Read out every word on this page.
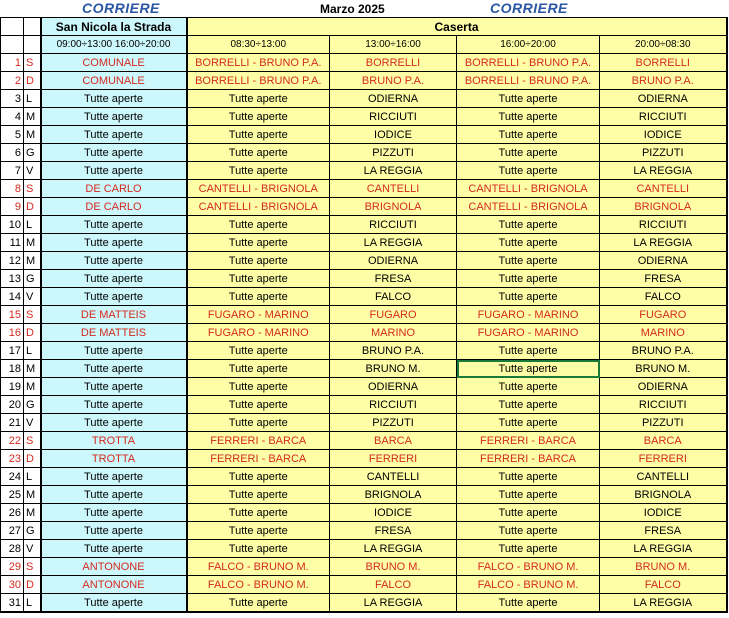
CORRIERE	Marzo 2025	CORRIERE
		San Nicola la Strada	Caserta			
		09:00÷13:00 16:00÷20:00	08:30÷13:00	13:00÷16:00	16:00÷20:00	20:00÷08:30
1	S	COMUNALE	BORRELLI - BRUNO P.A.	BORRELLI	BORRELLI - BRUNO P.A.	BORRELLI
2	D	COMUNALE	BORRELLI - BRUNO P.A.	BRUNO P.A.	BORRELLI - BRUNO P.A.	BRUNO P.A.
3	L	Tutte aperte	Tutte aperte	ODIERNA	Tutte aperte	ODIERNA
4	M	Tutte aperte	Tutte aperte	RICCIUTI	Tutte aperte	RICCIUTI
5	M	Tutte aperte	Tutte aperte	IODICE	Tutte aperte	IODICE
6	G	Tutte aperte	Tutte aperte	PIZZUTI	Tutte aperte	PIZZUTI
7	V	Tutte aperte	Tutte aperte	LA REGGIA	Tutte aperte	LA REGGIA
8	S	DE CARLO	CANTELLI - BRIGNOLA	CANTELLI	CANTELLI - BRIGNOLA	CANTELLI
9	D	DE CARLO	CANTELLI - BRIGNOLA	BRIGNOLA	CANTELLI - BRIGNOLA	BRIGNOLA
10	L	Tutte aperte	Tutte aperte	RICCIUTI	Tutte aperte	RICCIUTI
11	M	Tutte aperte	Tutte aperte	LA REGGIA	Tutte aperte	LA REGGIA
12	M	Tutte aperte	Tutte aperte	ODIERNA	Tutte aperte	ODIERNA
13	G	Tutte aperte	Tutte aperte	FRESA	Tutte aperte	FRESA
14	V	Tutte aperte	Tutte aperte	FALCO	Tutte aperte	FALCO
15	S	DE MATTEIS	FUGARO - MARINO	FUGARO	FUGARO - MARINO	FUGARO
16	D	DE MATTEIS	FUGARO - MARINO	MARINO	FUGARO - MARINO	MARINO
17	L	Tutte aperte	Tutte aperte	BRUNO P.A.	Tutte aperte	BRUNO P.A.
18	M	Tutte aperte	Tutte aperte	BRUNO M.	Tutte aperte	BRUNO M.
19	M	Tutte aperte	Tutte aperte	ODIERNA	Tutte aperte	ODIERNA
20	G	Tutte aperte	Tutte aperte	RICCIUTI	Tutte aperte	RICCIUTI
21	V	Tutte aperte	Tutte aperte	PIZZUTI	Tutte aperte	PIZZUTI
22	S	TROTTA	FERRERI - BARCA	BARCA	FERRERI - BARCA	BARCA
23	D	TROTTA	FERRERI - BARCA	FERRERI	FERRERI - BARCA	FERRERI
24	L	Tutte aperte	Tutte aperte	CANTELLI	Tutte aperte	CANTELLI
25	M	Tutte aperte	Tutte aperte	BRIGNOLA	Tutte aperte	BRIGNOLA
26	M	Tutte aperte	Tutte aperte	IODICE	Tutte aperte	IODICE
27	G	Tutte aperte	Tutte aperte	FRESA	Tutte aperte	FRESA
28	V	Tutte aperte	Tutte aperte	LA REGGIA	Tutte aperte	LA REGGIA
29	S	ANTONONE	FALCO - BRUNO M.	BRUNO M.	FALCO - BRUNO M.	BRUNO M.
30	D	ANTONONE	FALCO - BRUNO M.	FALCO	FALCO - BRUNO M.	FALCO
31	L	Tutte aperte	Tutte aperte	LA REGGIA	Tutte aperte	LA REGGIA
